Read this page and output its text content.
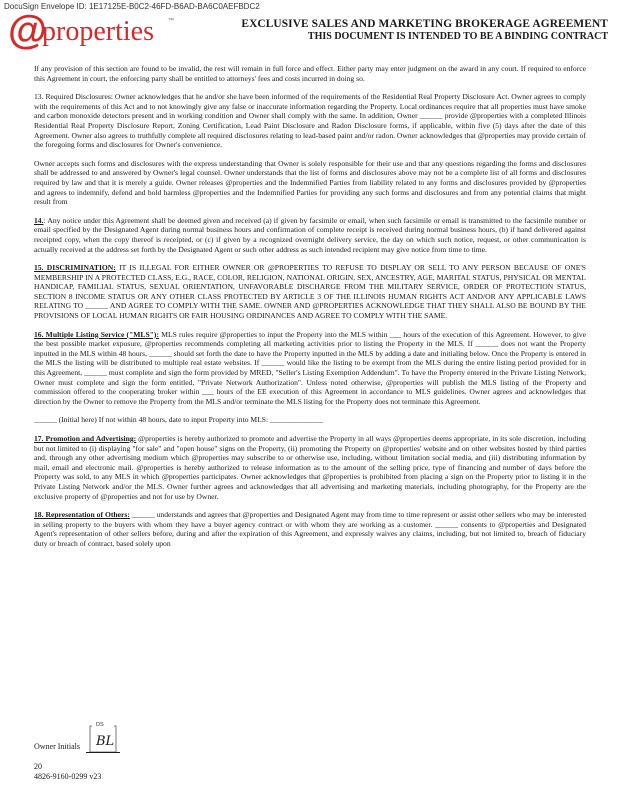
DocuSign Envelope ID: 1E17125E-B0C2-46FD-B6AD-BA6C0AEFBDC2
@
properties ™	EXCLUSIVE SALES AND MARKETING BROKERAGE AGREEMENT
THIS DOCUMENT IS INTENDED TO BE A BINDING CONTRACT

If any provision of this section are found to be invalid, the rest will remain in full force and effect. Either party may enter judgment on the award in any court. If required to enforce this Agreement in court, the enforcing party shall be entitled to attorneys' fees and costs incurred in doing so.

13. Required Disclosures: Owner acknowledges that he and/or she have been informed of the requirements of the Residential Real Property Disclosure Act. Owner agrees to comply with the requirements of this Act and to not knowingly give any false or inaccurate information regarding the Property. Local ordinances require that all properties must have smoke and carbon monoxide detectors present and in working condition and Owner shall comply with the same. In addition, Owner ______ provide @properties with a completed Illinois Residential Real Property Disclosure Report, Zoning Certification, Lead Paint Disclosure and Radon Disclosure forms, if applicable, within five (5) days after the date of this Agreement. Owner also agrees to truthfully complete all required disclosures relating to lead-based paint and/or radon. Owner acknowledges that @properties may provide certain of the foregoing forms and disclosures for Owner's convenience.

Owner accepts such forms and disclosures with the express understanding that Owner is solely responsible for their use and that any questions regarding the forms and disclosures shall be addressed to and answered by Owner's legal counsel. Owner understands that the list of forms and disclosures above may not be a complete list of all forms and disclosures required by law and that it is merely a guide. Owner releases @properties and the Indemnified Parties from liability related to any forms and disclosures provided by @properties and agrees to indemnify, defend and hold harmless @properties and the Indemnified Parties for providing any such forms and disclosures and from any potential claims that might result from

14.: Any notice under this Agreement shall be deemed given and received (a) if given by facsimile or email, when such facsimile or email is transmitted to the facsimile number or email specified by the Designated Agent during normal business hours and confirmation of complete receipt is received during normal business hours, (b) if hand delivered against receipted copy, when the copy thereof is receipted, or (c) if given by a recognized overnight delivery service, the day on which such notice, request, or other communication is actually received at the address set forth by the Designated Agent or such other address as such intended recipient may give notice from time to time.

15. DISCRIMINATION: IT IS ILLEGAL FOR EITHER OWNER OR @PROPERTIES TO REFUSE TO DISPLAY OR SELL TO ANY PERSON BECAUSE OF ONE'S MEMBERSHIP IN A PROTECTED CLASS, E.G., RACE, COLOR, RELIGION, NATIONAL ORIGIN, SEX, ANCESTRY, AGE, MARITAL STATUS, PHYSICAL OR MENTAL HANDICAP, FAMILIAL STATUS, SEXUAL ORIENTATION, UNFAVORABLE DISCHARGE FROM THE MILITARY SERVICE, ORDER OF PROTECTION STATUS, SECTION 8 INCOME STATUS OR ANY OTHER CLASS PROTECTED BY ARTICLE 3 OF THE ILLINOIS HUMAN RIGHTS ACT AND/OR ANY APPLICABLE LAWS RELATING TO ______ AND AGREE TO COMPLY WITH THE SAME. OWNER AND @PROPERTIES ACKNOWLEDGE THAT THEY SHALL ALSO BE BOUND BY THE PROVISIONS OF LOCAL HUMAN RIGHTS OR FAIR HOUSING ORDINANCES AND AGREE TO COMPLY WITH THE SAME.

16. Multiple Listing Service ("MLS"): MLS rules require @properties to input the Property into the MLS within ___ hours of the execution of this Agreement. However, to give the best possible market exposure, @properties recommends completing all marketing activities prior to listing the Property in the MLS. If ______ does not want the Property inputted in the MLS within 48 hours, ______ should set forth the date to have the Property inputted in the MLS by adding a date and initialing below. Once the Property is entered in the MLS the listing will be distributed to multiple real estate websites. If ______ would like the listing to be exempt from the MLS during the entire listing period provided for in this Agreement, ______ must complete and sign the form provided by MRED, "Seller's Listing Exemption Addendum". To have the Property entered in the Private Listing Network, Owner must complete and sign the form entitled, "Private Network Authorization". Unless noted otherwise, @properties will publish the MLS listing of the Property and commission offered to the cooperating broker within ___ hours of the EE execution of this Agreement in accordance to MLS guidelines. Owner agrees and acknowledges that direction by the Owner to remove the Property from the MLS and/or terminate the MLS listing for the Property does not terminate this Agreement.

______ (Initial here) If not within 48 hours, date to input Property into MLS: ______________

17. Promotion and Advertising: @properties is hereby authorized to promote and advertise the Property in all ways @properties deems appropriate, in its sole discretion, including but not limited to (i) displaying "for sale" and "open house" signs on the Property, (ii) promoting the Property on @properties' website and on other websites hosted by third parties and, through any other advertising medium which @properties may subscribe to or otherwise use, including, without limitation social media, and (iii) distributing information by mail, email and electronic mail. @properties is hereby authorized to release information as to the amount of the selling price, type of financing and number of days before the Property was sold, to any MLS in which @properties participates. Owner acknowledges that @properties is prohibited from placing a sign on the Property prior to listing it in the Private Listing Network and/or the MLS. Owner further agrees and acknowledges that all advertising and marketing materials, including photography, for the Property are the exclusive property of @properties and not for use by Owner.

18. Representation of Others: ______ understands and agrees that @properties and Designated Agent may from time to time represent or assist other sellers who may be interested in selling property to the buyers with whom they have a buyer agency contract or with whom they are working as a customer. ______ consents to @properties and Designated Agent's representation of other sellers before, during and after the expiration of this Agreement, and expressly waives any claims, including, but not limited to, breach of fiduciary duty or breach of contract, based solely upon

DS
BL
Owner Initials
20
4826-9160-0299 v23
